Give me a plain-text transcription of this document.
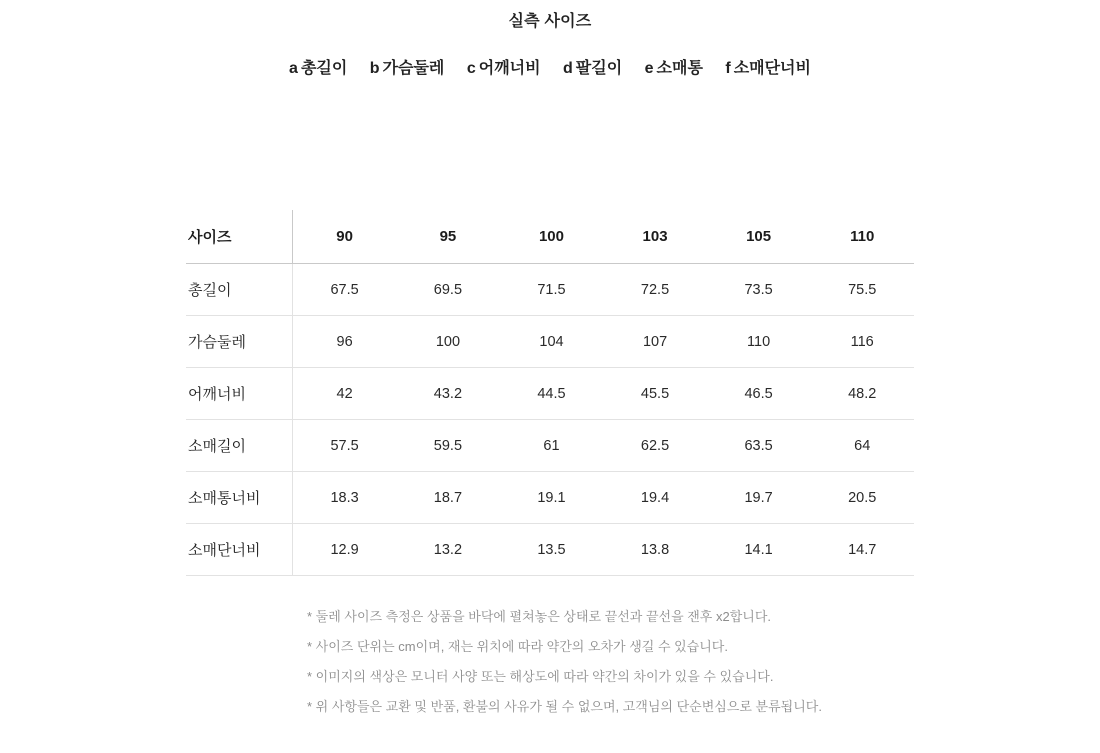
실측 사이즈
a 총길이 b 가슴둘레 c 어깨너비 d 팔길이 e 소매통 f 소매단너비
사이즈	90	95	100	103	105	110
총길이	67.5	69.5	71.5	72.5	73.5	75.5
가슴둘레	96	100	104	107	110	116
어깨너비	42	43.2	44.5	45.5	46.5	48.2
소매길이	57.5	59.5	61	62.5	63.5	64
소매통너비	18.3	18.7	19.1	19.4	19.7	20.5
소매단너비	12.9	13.2	13.5	13.8	14.1	14.7
* 둘레 사이즈 측정은 상품을 바닥에 펼쳐놓은 상태로 끝선과 끝선을 잰후 x2합니다.
* 사이즈 단위는 cm이며, 재는 위치에 따라 약간의 오차가 생길 수 있습니다.
* 이미지의 색상은 모니터 사양 또는 해상도에 따라 약간의 차이가 있을 수 있습니다.
* 위 사항들은 교환 및 반품, 환불의 사유가 될 수 없으며, 고객님의 단순변심으로 분류됩니다.
